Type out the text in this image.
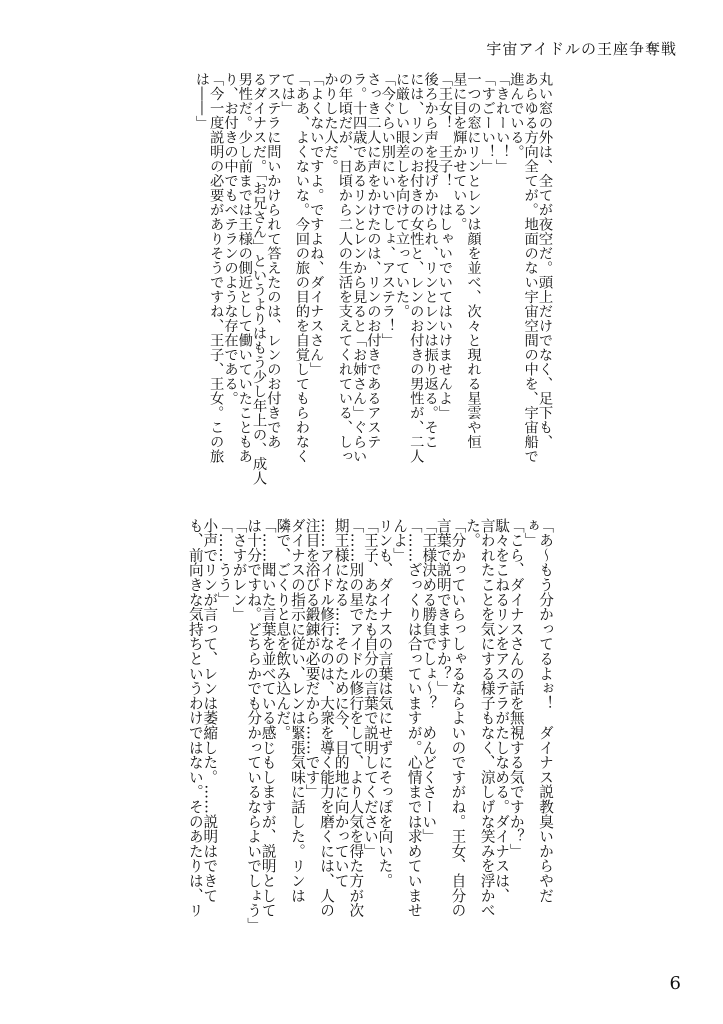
宇宙アイドルの王座争奪戦

丸い窓の外は、全てが夜空だ。頭上だけでなく、足下も、

あらゆる方向全てが。地面のない宇宙空間の中を、宇宙船で

進んでいる。

「きれーい！」

「すごーい！」

一つの窓にリンとレンは顔を並べ、次々と現れる星雲や恒

星に目を輝かせている。

「王女！　王子！　はしゃいでいてはいけませんよ」

後ろから声を投げかけられ、リンとレンは振り返る。そこ

には、リンのお付きの女性と、レンのお付きの男性が、二人

に厳しい眼差しを向けて立っていた。

「今ぐらい別にいいでしょ、アステラ！」

さっき二人に声をかけたのは、リンのお付きであるアステ

ラ。十四歳であるリンとレンから見ると「お姉さん」ぐらい

の年頃だが、日頃から二人の生活を支えてくれている、しっ

かりした人だ。

「よくないですよ。ですよね、ダイナスさん」

「ああ、よくないな。今回の旅の目的を自覚してもらわなく

ては」

アステラに問いかけられて答えたのは、レンのお付きであ

るダイナスだ。「お兄さん」というよりはもう少し年上の、成人

男性だ。少し前までは王様の側近として働いていたこともあ

り、お付きの中でもベテランのような存在である。

「今一度説明の必要がありそうですね、王子、王女。この旅

は――」

「あ～もう分かってるよぉ！　ダイナス説教臭いからやだ

ぁ」

「こら、ダイナスさんの話を無視する気ですか？」

駄々をこねるリンをアステラがたしなめる。ダイナスは、

言われたことを気にする様子もなく、涼しげな笑みを浮かべ

た。

「分かっていらっしゃるならよいのですがね。王女、自分の

言葉で説明できますか？」

「王様決める勝負でしょ～？　めんどくさーい」

「……ざっくりは合っていますが。心情までは求めていませ

んよ」

リンも、ダイナスの言葉は気にせずにそっぽを向いた。

「王子、あなたも自分の言葉で説明してください」

「……別の星でアイドル修行をして、より人気を得た方が次

期王様になる……そのために今、目的地に向かっていて

……アイドル修行なのは、大衆を導く能力を磨くには、人の

注目を浴びる鍛錬が必要だから……です」

ダイナスの指示に従い、レンは緊張気味に話した。リンは

隣で、ごくりと息を飲み込んだ。

「……聞いた言葉を並べている感じもしますが、説明として

は十分ですね。どちらかでも分かっているならよいでしょう」

「さすがレン」

「……うう」

小声でリンが言って、レンは萎縮した。……説明はできて

も、前向きな気持ちというわけではない。そのあたりは、リ

6
